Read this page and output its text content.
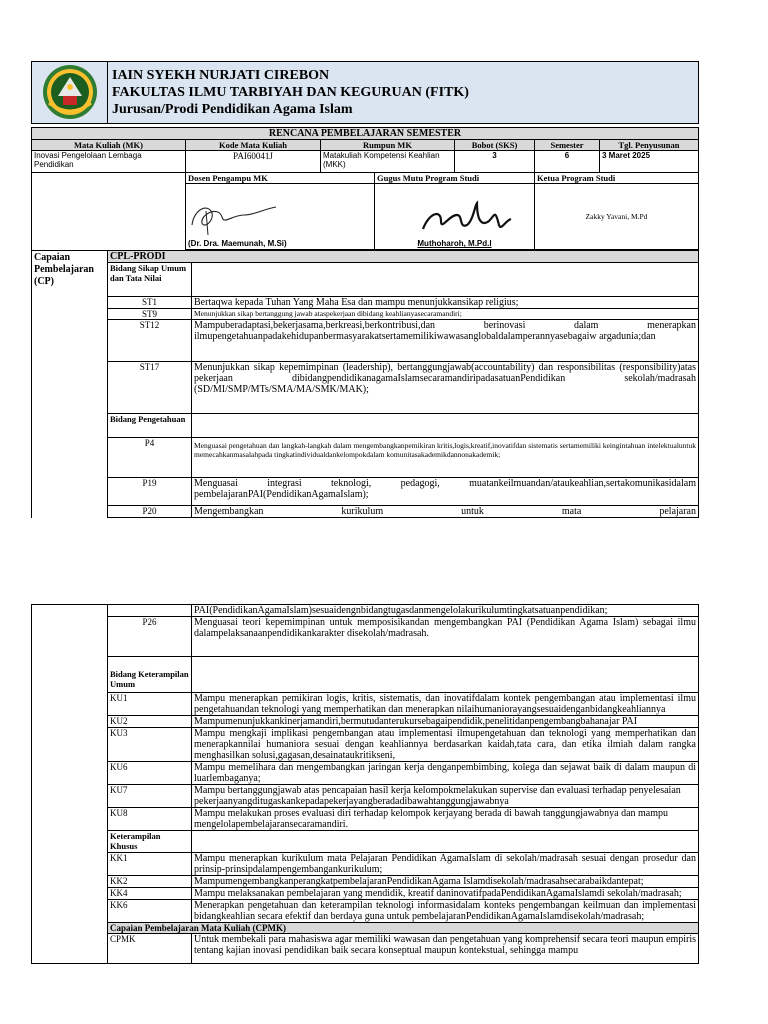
IAIN SYEKH NURJATI CIREBON
FAKULTAS ILMU TARBIYAH DAN KEGURUAN (FITK)
Jurusan/Prodi Pendidikan Agama Islam
RENCANA PEMBELAJARAN SEMESTER						
Mata Kuliah (MK)	Kode Mata Kuliah	Rumpun MK		Bobot (SKS)	Semester	Tgl. Penyusunan
Inovasi Pengelolaan Lembaga Pendidikan	PAI60041J	Matakuliah Kompetensi Keahlian (MKK)		3	6	3 Maret 2025
	Dosen Pengampu MK		Gugus Mutu Program Studi		Ketua Program Studi	

	(Dr. Dra. Maemunah, M.Si)		Muthoharoh, M.Pd.I		Zakky Yavani, M.Pd	
Capaian Pembelajaran (CP)	CPL-PRODI	
	Bidang Sikap Umum dan Tata Nilai	
	ST1	Bertaqwa kepada Tuhan Yang Maha Esa dan mampu menunjukkansikap religius;
	ST9	Menunjukkan sikap bertanggung jawab ataspekerjaan dibidang keahlianyasecaramandiri;
	ST12	Mampuberadaptasi,bekerjasama,berkreasi,berkontribusi,dan berinovasi dalam menerapkan ilmupengetahuanpadakehidupanbermasyarakatsertamemilikiwawasanglobaldalamperannyasebagaiw argadunia;dan
	ST17	Menunjukkan sikap kepemimpinan (leadership), bertanggungjawab(accountability) dan responsibilitas (responsibility)atas pekerjaan dibidangpendidikanagamaIslamsecaramandiripadasatuanPendidikan sekolah/madrasah (SD/MI/SMP/MTs/SMA/MA/SMK/MAK);
	Bidang Pengetahuan	
	P4	Menguasai pengetahuan dan langkah-langkah dalam mengembangkanpemikiran kritis,logis,kreatif,inovatifdan sistematis sertamemiliki keingintahuan intelektualuntuk memecahkanmasalahpada tingkatindividualdankelompokdalam komunitasakademikdannonakademik;
	P19	Menguasai integrasi teknologi, pedagogi, muatankeilmuandan/ataukeahlian,sertakomunikasidalam pembelajaranPAI(PendidikanAgamaIslam);
	P20	Mengembangkan kurikulum untuk mata pelajaran
		PAI(PendidikanAgamaIslam)sesuaidengnbidangtugasdanmengelolakurikulumtingkatsatuanpendidikan;
	P26	Menguasai teori kepemimpinan untuk memposisikandan mengembangkan PAI (Pendidikan Agama Islam) sebagai ilmu dalampelaksanaanpendidikankarakter disekolah/madrasah.
	Bidang Keterampilan Umum	
	KU1	Mampu menerapkan pemikiran logis, kritis, sistematis, dan inovatifdalam kontek pengembangan atau implementasi ilmu pengetahuandan teknologi yang memperhatikan dan menerapkan nilaihumaniorayangsesuaidenganbidangkeahliannya
	KU2	Mampumenunjukkankinerjamandiri,bermutudanterukursebagaipendidik,penelitidanpengembangbahanajar PAI
	KU3	Mampu mengkaji implikasi pengembangan atau implementasi ilmupengetahuan dan teknologi yang memperhatikan dan menerapkannilai humaniora sesuai dengan keahliannya berdasarkan kaidah,tata cara, dan etika ilmiah dalam rangka menghasilkan solusi,gagasan,desainataukritikseni,
	KU6	Mampu memelihara dan mengembangkan jaringan kerja denganpembimbing, kolega dan sejawat baik di dalam maupun di luarlembaganya;
	KU7	Mampu bertanggungjawab atas pencapaian hasil kerja kelompokmelakukan supervise dan evaluasi terhadap penyelesaian pekerjaanyangditugaskankepadapekerjayangberadadibawahtanggungjawabnya
	KU8	Mampu melakukan proses evaluasi diri terhadap kelompok kerjayang berada di bawah tanggungjawabnya dan mampu mengelolapembelajaransecaramandiri.
	Keterampilan Khusus	
	KK1	Mampu menerapkan kurikulum mata Pelajaran Pendidikan AgamaIslam di sekolah/madrasah sesuai dengan prosedur dan prinsip-prinsipdalampengembangankurikulum;
	KK2	MampumengembangkanperangkatpembelajaranPendidikanAgama Islamdisekolah/madrasahsecarabaikdantepat;
	KK4	Mampu melaksanakan pembelajaran yang mendidik, kreatif daninovatifpadaPendidikanAgamaIslamdi sekolah/madrasah;
	KK6	Menerapkan pengetahuan dan keterampilan teknologi informasidalam konteks pengembangan keilmuan dan implementasi bidangkeahlian secara efektif dan berdaya guna untuk pembelajaranPendidikanAgamaIslamdisekolah/madrasah;
	Capaian Pembelajaran Mata Kuliah (CPMK)	
	CPMK	Untuk membekali para mahasiswa agar memiliki wawasan dan pengetahuan yang komprehensif secara teori maupun empiris tentang kajian inovasi pendidikan baik secara konseptual maupun kontekstual, sehingga mampu
